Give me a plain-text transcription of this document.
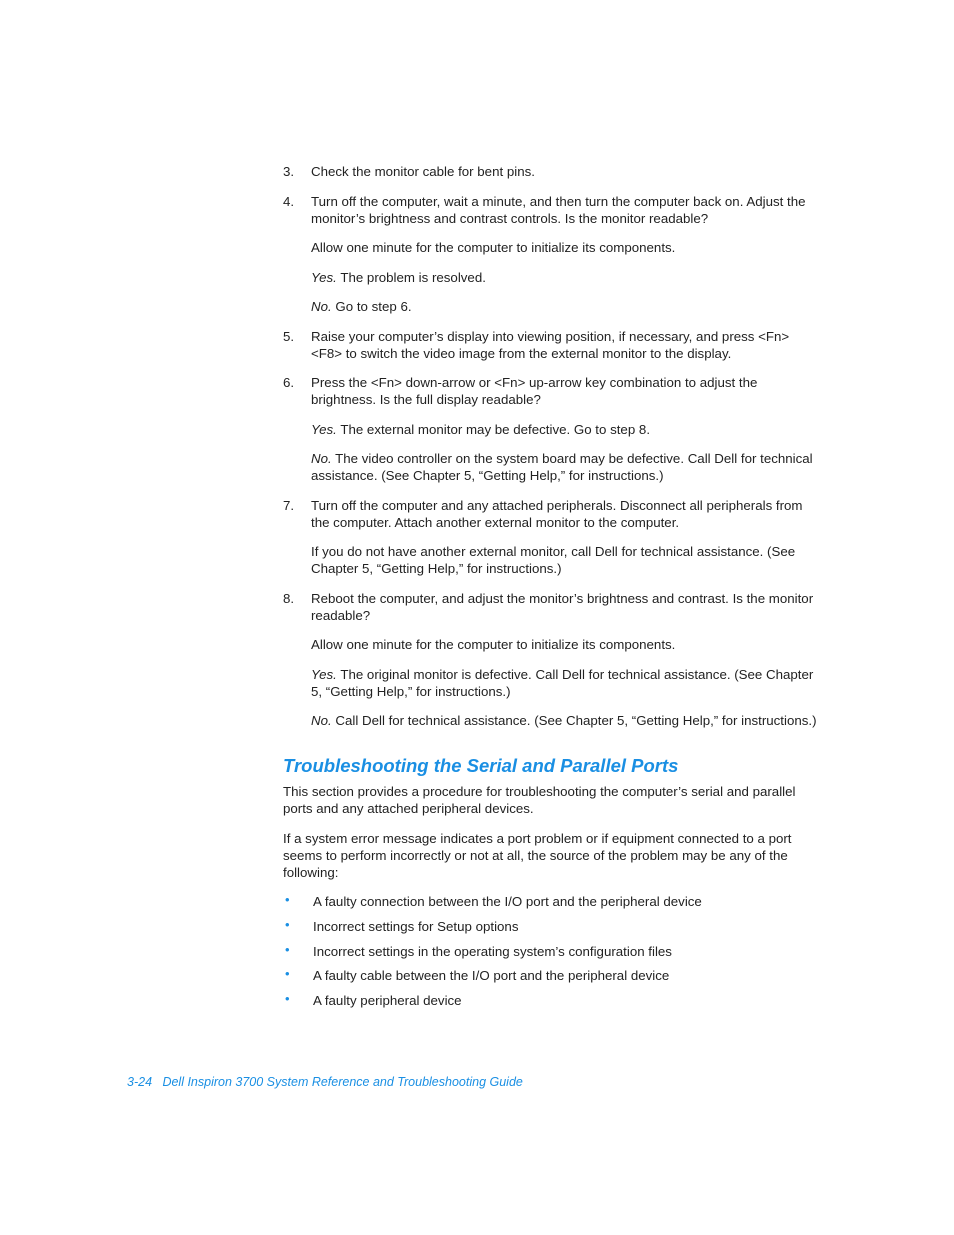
3.	Check the monitor cable for bent pins.
4.	Turn off the computer, wait a minute, and then turn the computer back on. Adjust the monitor’s brightness and contrast controls. Is the monitor readable?
Allow one minute for the computer to initialize its components.
Yes. The problem is resolved.
No. Go to step 6.
5.	Raise your computer’s display into viewing position, if necessary, and press <Fn><F8> to switch the video image from the external monitor to the display.
6.	Press the <Fn> down-arrow or <Fn> up-arrow key combination to adjust the brightness. Is the full display readable?
Yes. The external monitor may be defective. Go to step 8.
No. The video controller on the system board may be defective. Call Dell for technical assistance. (See Chapter 5, “Getting Help,” for instructions.)
7.	Turn off the computer and any attached peripherals. Disconnect all peripherals from the computer. Attach another external monitor to the computer.
If you do not have another external monitor, call Dell for technical assistance. (See Chapter 5, “Getting Help,” for instructions.)
8.	Reboot the computer, and adjust the monitor’s brightness and contrast. Is the monitor readable?
Allow one minute for the computer to initialize its components.
Yes. The original monitor is defective. Call Dell for technical assistance. (See Chapter 5, “Getting Help,” for instructions.)
No. Call Dell for technical assistance. (See Chapter 5, “Getting Help,” for instructions.)
Troubleshooting the Serial and Parallel Ports
This section provides a procedure for troubleshooting the computer’s serial and parallel ports and any attached peripheral devices.
If a system error message indicates a port problem or if equipment connected to a port seems to perform incorrectly or not at all, the source of the problem may be any of the following:
•	A faulty connection between the I/O port and the peripheral device
•	Incorrect settings for Setup options
•	Incorrect settings in the operating system’s configuration files
•	A faulty cable between the I/O port and the peripheral device
•	A faulty peripheral device
3-24 Dell Inspiron 3700 System Reference and Troubleshooting Guide
